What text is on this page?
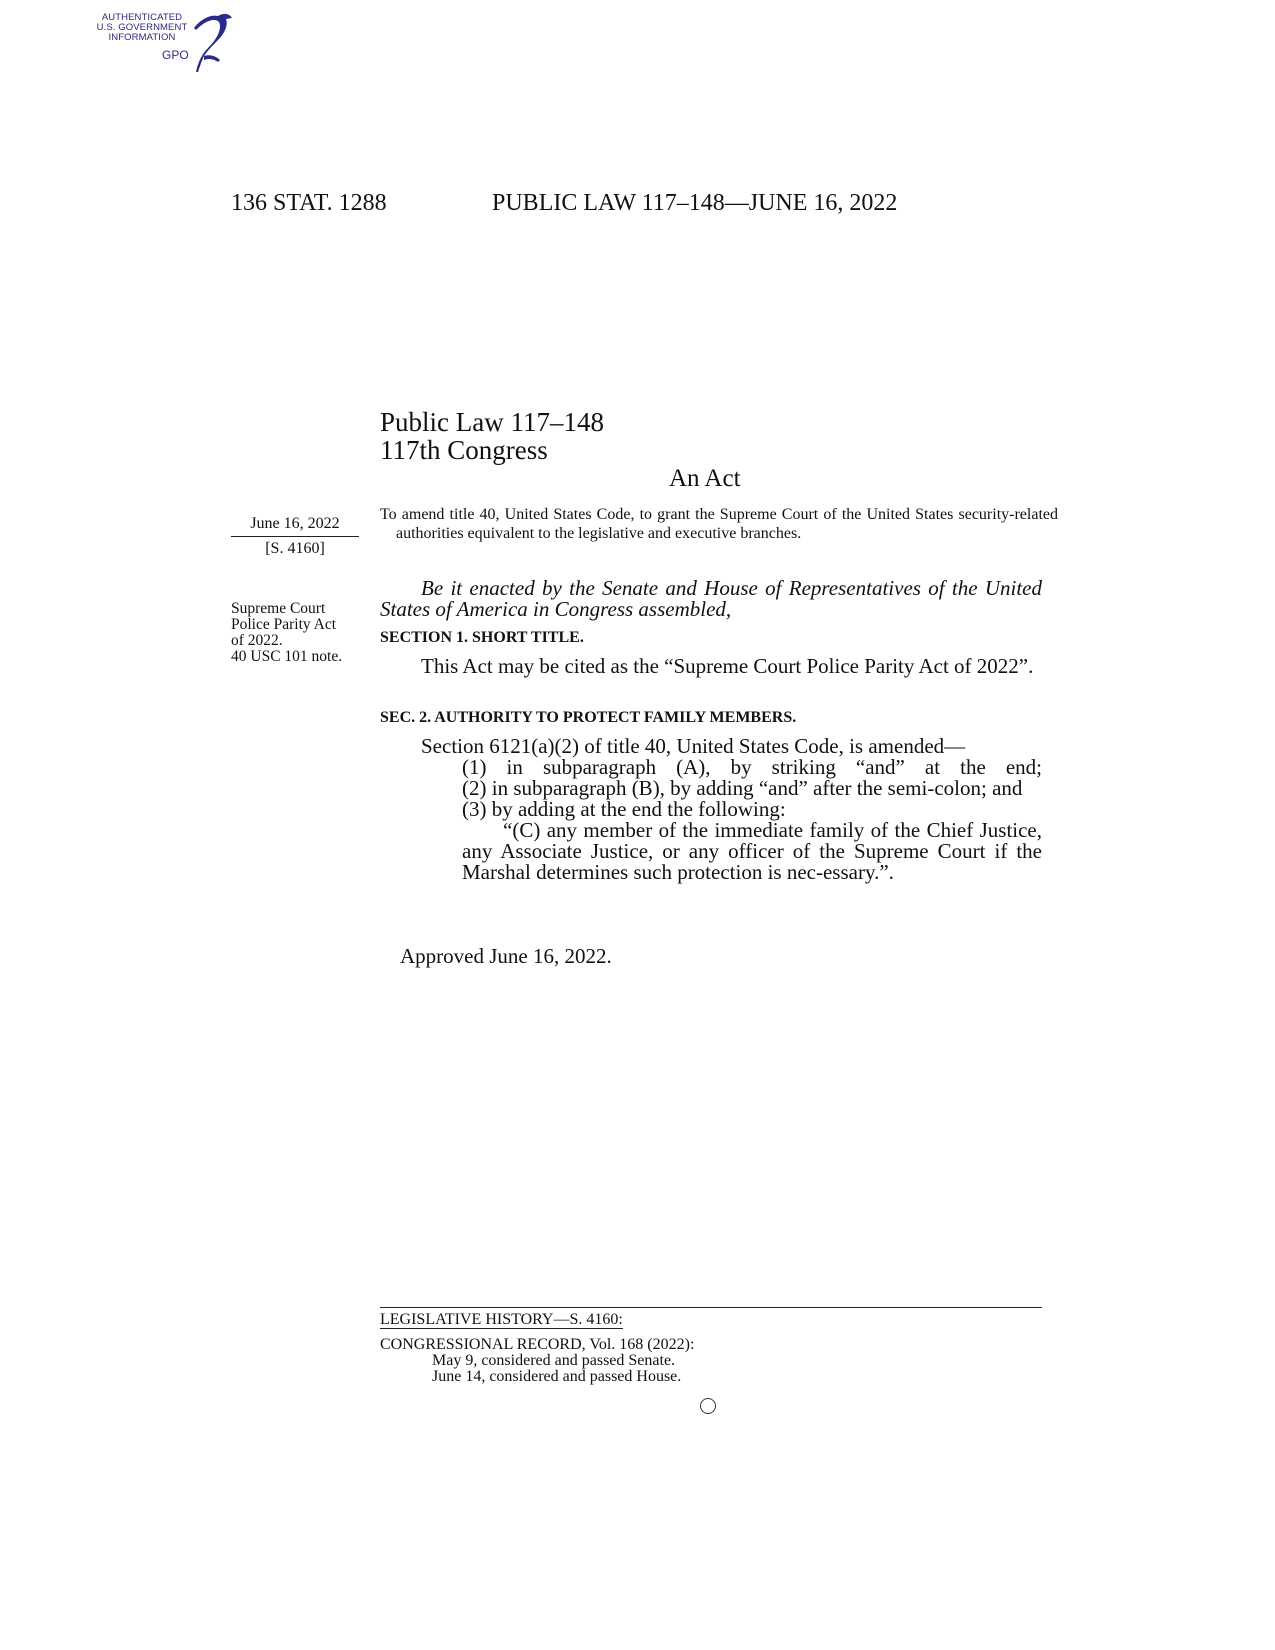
AUTHENTICATED
U.S. GOVERNMENT
INFORMATION
GPO
136 STAT. 1288	PUBLIC LAW 117–148—JUNE 16, 2022
Public Law 117–148
117th Congress
An Act
June 16, 2022
[S. 4160]
To amend title 40, United States Code, to grant the Supreme Court of the United States security-related authorities equivalent to the legislative and executive branches.
Supreme Court
Police Parity Act
of 2022.
40 USC 101 note.
Be it enacted by the Senate and House of Representatives of the United States of America in Congress assembled,
SECTION 1. SHORT TITLE.
This Act may be cited as the “Supreme Court Police Parity Act of 2022”.
SEC. 2. AUTHORITY TO PROTECT FAMILY MEMBERS.
Section 6121(a)(2) of title 40, United States Code, is amended—
(1) in subparagraph (A), by striking “and” at the end;
(2) in subparagraph (B), by adding “and” after the semi-colon; and
(3) by adding at the end the following:
“(C) any member of the immediate family of the Chief Justice, any Associate Justice, or any officer of the Supreme Court if the Marshal determines such protection is nec-essary.”.
Approved June 16, 2022.
LEGISLATIVE HISTORY—S. 4160:
CONGRESSIONAL RECORD, Vol. 168 (2022):
May 9, considered and passed Senate.
June 14, considered and passed House.
